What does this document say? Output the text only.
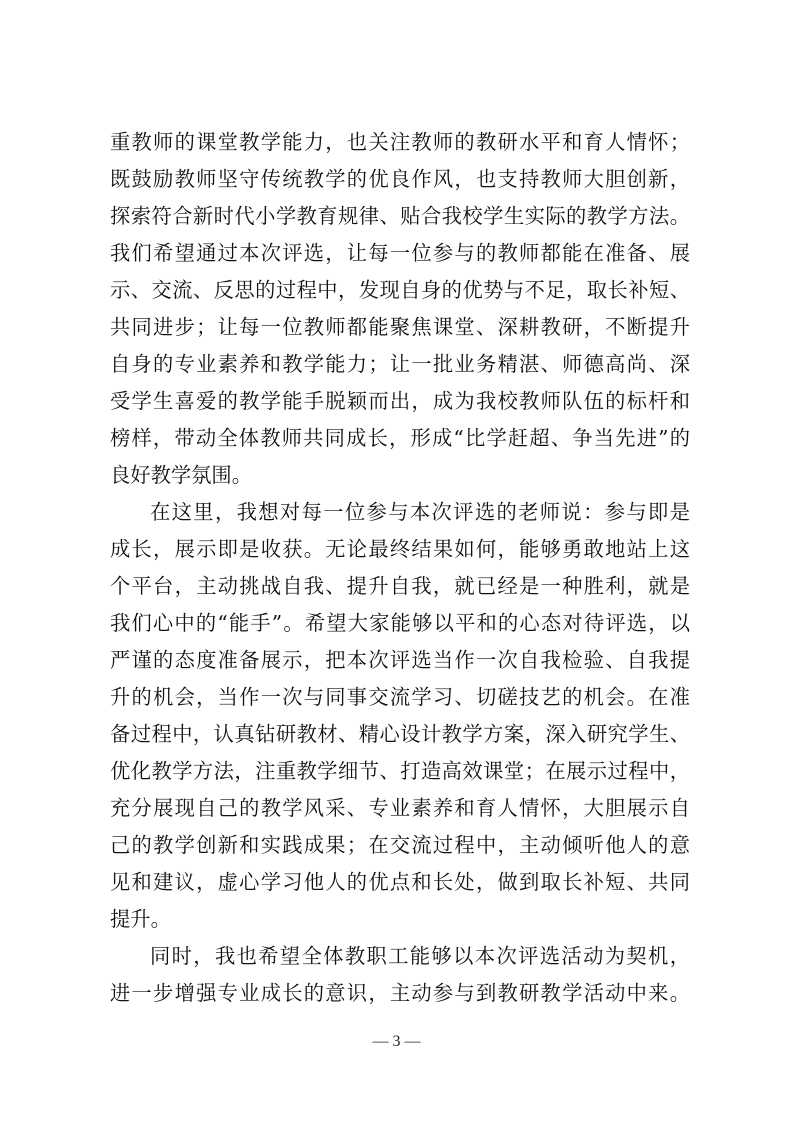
重教师的课堂教学能力，也关注教师的教研水平和育人情怀；
既鼓励教师坚守传统教学的优良作风，也支持教师大胆创新，
探索符合新时代小学教育规律、贴合我校学生实际的教学方法。
我们希望通过本次评选，让每一位参与的教师都能在准备、展
示、交流、反思的过程中，发现自身的优势与不足，取长补短、
共同进步；让每一位教师都能聚焦课堂、深耕教研，不断提升
自身的专业素养和教学能力；让一批业务精湛、师德高尚、深
受学生喜爱的教学能手脱颖而出，成为我校教师队伍的标杆和
榜样，带动全体教师共同成长，形成“比学赶超、争当先进”的
良好教学氛围。
在这里，我想对每一位参与本次评选的老师说：参与即是
成长，展示即是收获。无论最终结果如何，能够勇敢地站上这
个平台，主动挑战自我、提升自我，就已经是一种胜利，就是
我们心中的“能手”。希望大家能够以平和的心态对待评选，以
严谨的态度准备展示，把本次评选当作一次自我检验、自我提
升的机会，当作一次与同事交流学习、切磋技艺的机会。在准
备过程中，认真钻研教材、精心设计教学方案，深入研究学生、
优化教学方法，注重教学细节、打造高效课堂；在展示过程中，
充分展现自己的教学风采、专业素养和育人情怀，大胆展示自
己的教学创新和实践成果；在交流过程中，主动倾听他人的意
见和建议，虚心学习他人的优点和长处，做到取长补短、共同
提升。
同时，我也希望全体教职工能够以本次评选活动为契机，
进一步增强专业成长的意识，主动参与到教研教学活动中来。
— 3 —
